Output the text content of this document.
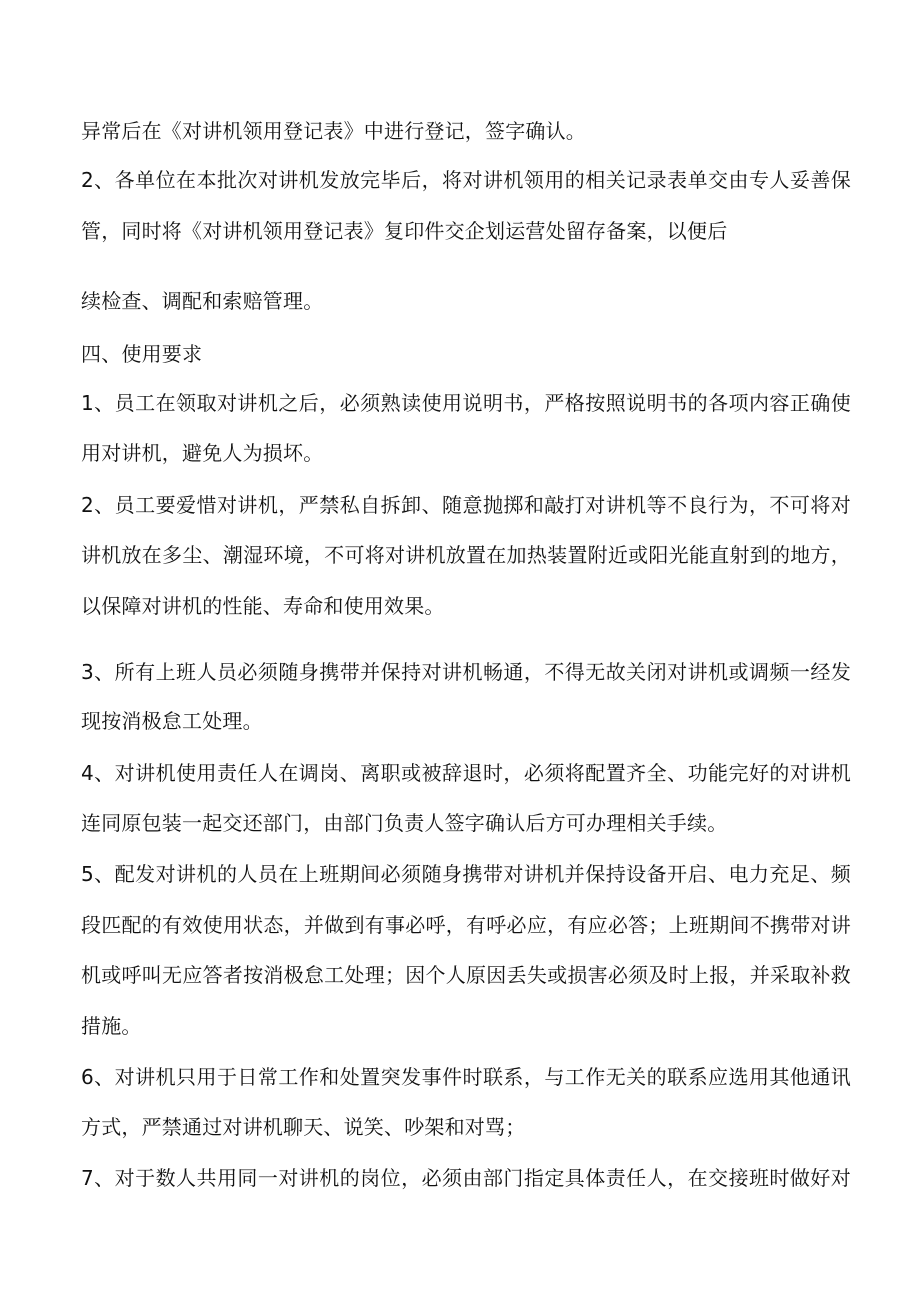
异常后在《对讲机领用登记表》中进行登记，签字确认。
2、各单位在本批次对讲机发放完毕后，将对讲机领用的相关记录表单交由专人妥善保
管，同时将《对讲机领用登记表》复印件交企划运营处留存备案，以便后
续检查、调配和索赔管理。
四、使用要求
1、员工在领取对讲机之后，必须熟读使用说明书，严格按照说明书的各项内容正确使
用对讲机，避免人为损坏。
2、员工要爱惜对讲机，严禁私自拆卸、随意抛掷和敲打对讲机等不良行为，不可将对
讲机放在多尘、潮湿环境，不可将对讲机放置在加热装置附近或阳光能直射到的地方，
以保障对讲机的性能、寿命和使用效果。
3、所有上班人员必须随身携带并保持对讲机畅通，不得无故关闭对讲机或调频一经发
现按消极怠工处理。
4、对讲机使用责任人在调岗、离职或被辞退时，必须将配置齐全、功能完好的对讲机
连同原包装一起交还部门，由部门负责人签字确认后方可办理相关手续。
5、配发对讲机的人员在上班期间必须随身携带对讲机并保持设备开启、电力充足、频
段匹配的有效使用状态，并做到有事必呼，有呼必应，有应必答；上班期间不携带对讲
机或呼叫无应答者按消极怠工处理；因个人原因丢失或损害必须及时上报，并采取补救
措施。
6、对讲机只用于日常工作和处置突发事件时联系，与工作无关的联系应选用其他通讯
方式，严禁通过对讲机聊天、说笑、吵架和对骂；
7、对于数人共用同一对讲机的岗位，必须由部门指定具体责任人，在交接班时做好对
